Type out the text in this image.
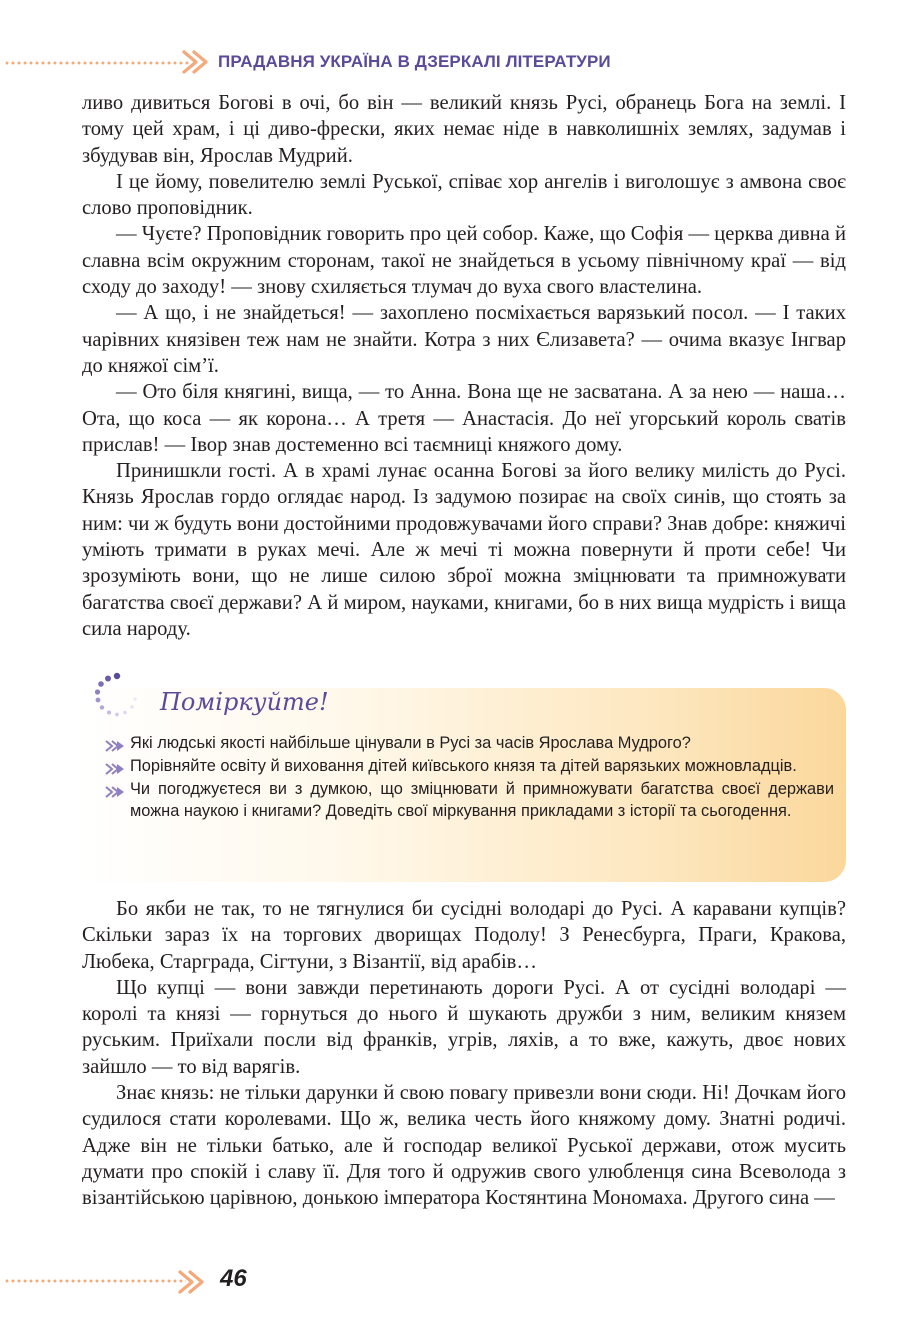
ПРАДАВНЯ УКРАЇНА В ДЗЕРКАЛІ ЛІТЕРАТУРИ

ливо дивиться Богові в очі, бо він — великий князь Русі, обранець Бога на землі. І тому цей храм, і ці диво-фрески, яких немає ніде в навколишніх землях, задумав і збудував він, Ярослав Мудрий.

І це йому, повелителю землі Руської, співає хор ангелів і виголошує з амвона своє слово проповідник.

— Чуєте? Проповідник говорить про цей собор. Каже, що Софія — церква дивна й славна всім окружним сторонам, такої не знайдеться в усьому північному краї — від сходу до заходу! — знову схиляється тлумач до вуха свого властелина.

— А що, і не знайдеться! — захоплено посміхається варязький посол. — І таких чарівних князівен теж нам не знайти. Котра з них Єлизавета? — очима вказує Інгвар до княжої сім’ї.

— Ото біля княгині, вища, — то Анна. Вона ще не засватана. А за нею — наша… Ота, що коса — як корона… А третя — Анастасія. До неї угорський король сватів прислав! — Івор знав достеменно всі таємниці княжого дому.

Принишкли гості. А в храмі лунає осанна Богові за його велику милість до Русі. Князь Ярослав гордо оглядає народ. Із задумою позирає на своїх синів, що стоять за ним: чи ж будуть вони достойними продовжувачами його справи? Знав добре: княжичі уміють тримати в руках мечі. Але ж мечі ті можна повернути й проти себе! Чи зрозуміють вони, що не лише силою зброї можна зміцнювати та примножувати багатства своєї держави? А й миром, науками, книгами, бо в них вища мудрість і вища сила народу.

Поміркуйте!
Які людські якості найбільше цінували в Русі за часів Ярослава Мудрого?
Порівняйте освіту й виховання дітей київського князя та дітей варязьких можновладців.
Чи погоджуєтеся ви з думкою, що зміцнювати й примножувати багатства своєї держави можна наукою і книгами? Доведіть свої міркування прикладами з історії та сьогодення.

Бо якби не так, то не тягнулися би сусідні володарі до Русі. А каравани купців? Скільки зараз їх на торгових дворищах Подолу! З Ренесбурга, Праги, Кракова, Любека, Старграда, Сігтуни, з Візантії, від арабів…

Що купці — вони завжди перетинають дороги Русі. А от сусідні володарі — королі та князі — горнуться до нього й шукають дружби з ним, великим князем руським. Приїхали посли від франків, угрів, ляхів, а то вже, кажуть, двоє нових зайшло — то від варягів.

Знає князь: не тільки дарунки й свою повагу привезли вони сюди. Ні! Дочкам його судилося стати королевами. Що ж, велика честь його княжому дому. Знатні родичі. Адже він не тільки батько, але й господар великої Руської держави, отож мусить думати про спокій і славу її. Для того й одружив свого улюбленця сина Всеволода з візантійською царівною, донькою імператора Костянтина Мономаха. Другого сина —

46
